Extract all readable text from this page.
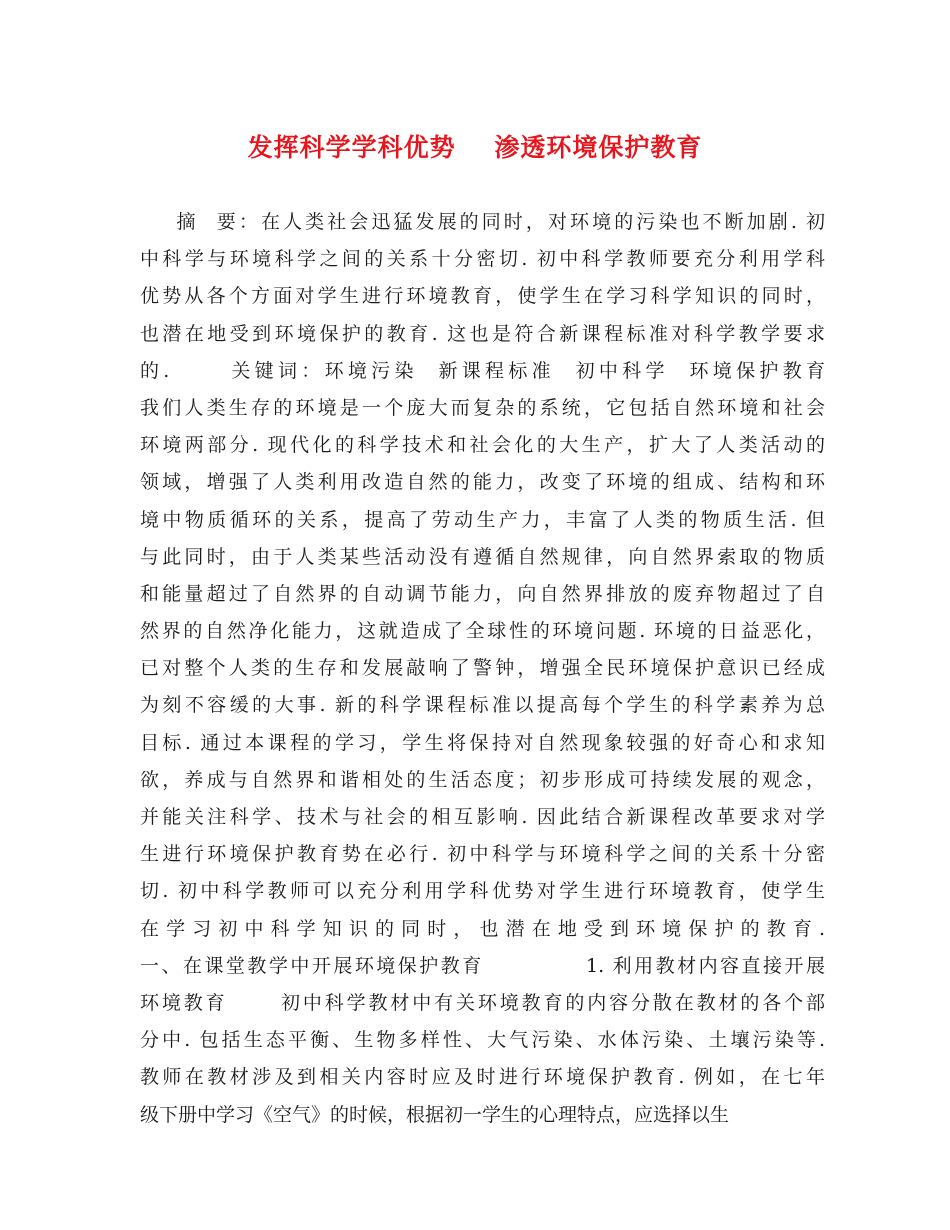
发挥科学学科优势    渗透环境保护教育
摘  要：在人类社会迅猛发展的同时，对环境的污染也不断加剧. 初
中科学与环境科学之间的关系十分密切. 初中科学教师要充分利用学科
优势从各个方面对学生进行环境教育，使学生在学习科学知识的同时，
也潜在地受到环境保护的教育. 这也是符合新课程标准对科学教学要求
的.      关键词：环境污染  新课程标准  初中科学  环境保护教育
我们人类生存的环境是一个庞大而复杂的系统，它包括自然环境和社会
环境两部分. 现代化的科学技术和社会化的大生产，扩大了人类活动的
领域，增强了人类利用改造自然的能力，改变了环境的组成、结构和环
境中物质循环的关系，提高了劳动生产力，丰富了人类的物质生活. 但
与此同时，由于人类某些活动没有遵循自然规律，向自然界索取的物质
和能量超过了自然界的自动调节能力，向自然界排放的废弃物超过了自
然界的自然净化能力，这就造成了全球性的环境问题. 环境的日益恶化，
已对整个人类的生存和发展敲响了警钟，增强全民环境保护意识已经成
为刻不容缓的大事. 新的科学课程标准以提高每个学生的科学素养为总
目标. 通过本课程的学习，学生将保持对自然现象较强的好奇心和求知
欲，养成与自然界和谐相处的生活态度；初步形成可持续发展的观念，
并能关注科学、技术与社会的相互影响. 因此结合新课程改革要求对学
生进行环境保护教育势在必行. 初中科学与环境科学之间的关系十分密
切. 初中科学教师可以充分利用学科优势对学生进行环境教育，使学生
在学习初中科学知识的同时，也潜在地受到环境保护的教育.
一、在课堂教学中开展环境保护教育            1. 利用教材内容直接开展
环境教育      初中科学教材中有关环境教育的内容分散在教材的各个部
分中. 包括生态平衡、生物多样性、大气污染、水体污染、土壤污染等.
教师在教材涉及到相关内容时应及时进行环境保护教育. 例如，在七年
级下册中学习《空气》的时候，根据初一学生的心理特点，应选择以生
